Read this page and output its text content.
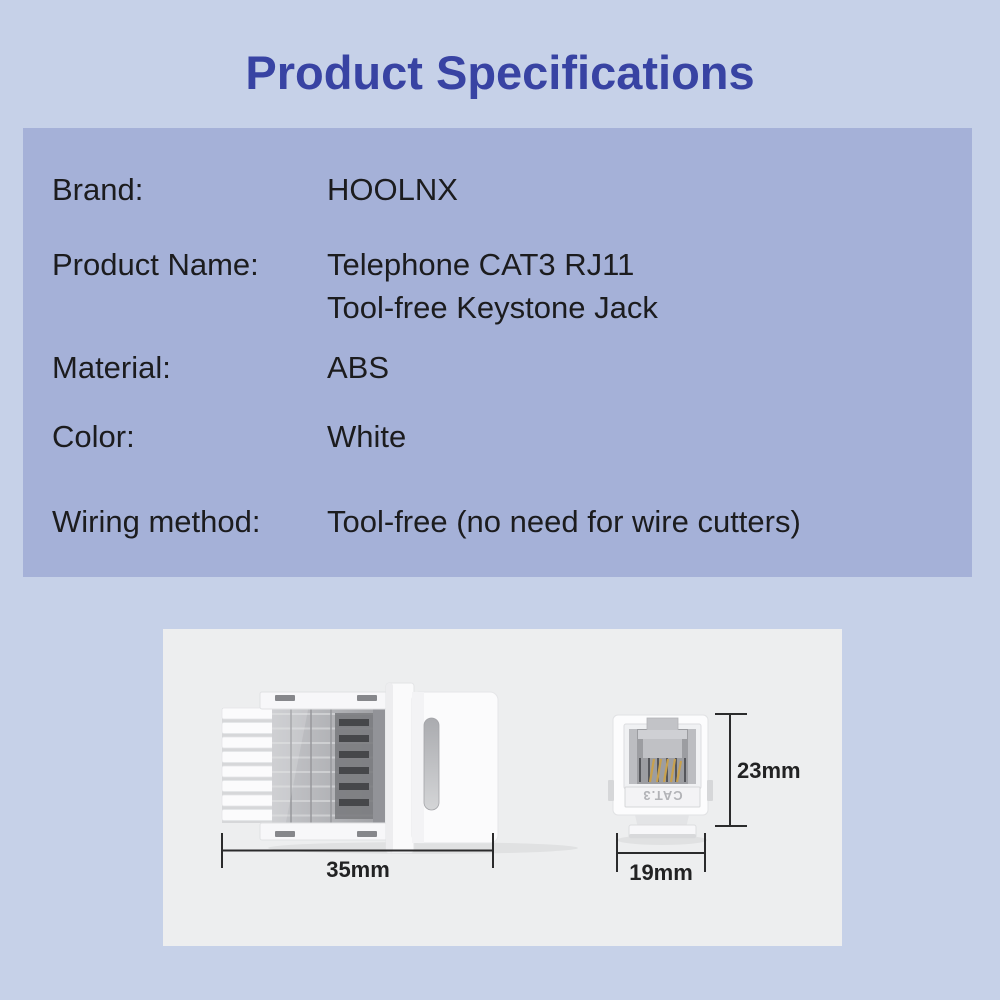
Product Specifications
Brand:	HOOLNX
Product Name: Telephone CAT3 RJ11
Tool-free Keystone Jack
Material:	ABS
Color:	White
Wiring method: Tool-free (no need for wire cutters)
35mm
CAT.3
23mm
19mm
